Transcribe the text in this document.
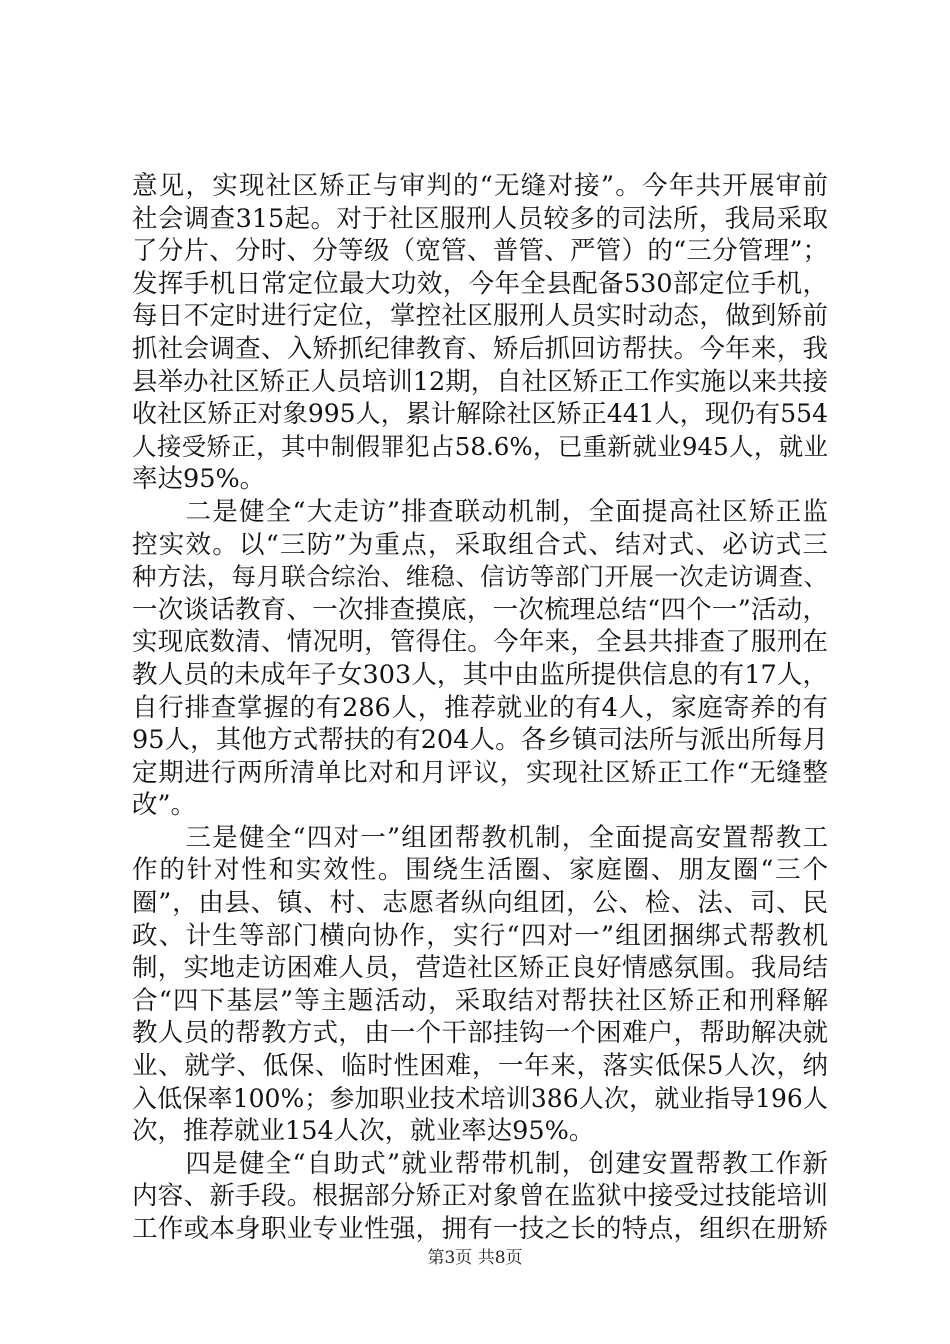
意见，实现社区矫正与审判的“无缝对接”。今年共开展审前
社会调查315起。对于社区服刑人员较多的司法所，我局采取
了分片、分时、分等级（宽管、普管、严管）的“三分管理”；
发挥手机日常定位最大功效，今年全县配备530部定位手机，
每日不定时进行定位，掌控社区服刑人员实时动态，做到矫前
抓社会调查、入矫抓纪律教育、矫后抓回访帮扶。今年来，我
县举办社区矫正人员培训12期，自社区矫正工作实施以来共接
收社区矫正对象995人，累计解除社区矫正441人，现仍有554
人接受矫正，其中制假罪犯占58.6%，已重新就业945人，就业
率达95%。
　　二是健全“大走访”排查联动机制，全面提高社区矫正监
控实效。以“三防”为重点，采取组合式、结对式、必访式三
种方法，每月联合综治、维稳、信访等部门开展一次走访调查、
一次谈话教育、一次排查摸底，一次梳理总结“四个一”活动，
实现底数清、情况明，管得住。今年来，全县共排查了服刑在
教人员的未成年子女303人，其中由监所提供信息的有17人，
自行排查掌握的有286人，推荐就业的有4人，家庭寄养的有
95人，其他方式帮扶的有204人。各乡镇司法所与派出所每月
定期进行两所清单比对和月评议，实现社区矫正工作“无缝整
改”。
　　三是健全“四对一”组团帮教机制，全面提高安置帮教工
作的针对性和实效性。围绕生活圈、家庭圈、朋友圈“三个
圈”，由县、镇、村、志愿者纵向组团，公、检、法、司、民
政、计生等部门横向协作，实行“四对一”组团捆绑式帮教机
制，实地走访困难人员，营造社区矫正良好情感氛围。我局结
合“四下基层”等主题活动，采取结对帮扶社区矫正和刑释解
教人员的帮教方式，由一个干部挂钩一个困难户，帮助解决就
业、就学、低保、临时性困难，一年来，落实低保5人次，纳
入低保率100%；参加职业技术培训386人次，就业指导196人
次，推荐就业154人次，就业率达95%。
　　四是健全“自助式”就业帮带机制，创建安置帮教工作新
内容、新手段。根据部分矫正对象曾在监狱中接受过技能培训
工作或本身职业专业性强，拥有一技之长的特点，组织在册矫
第3页 共8页
